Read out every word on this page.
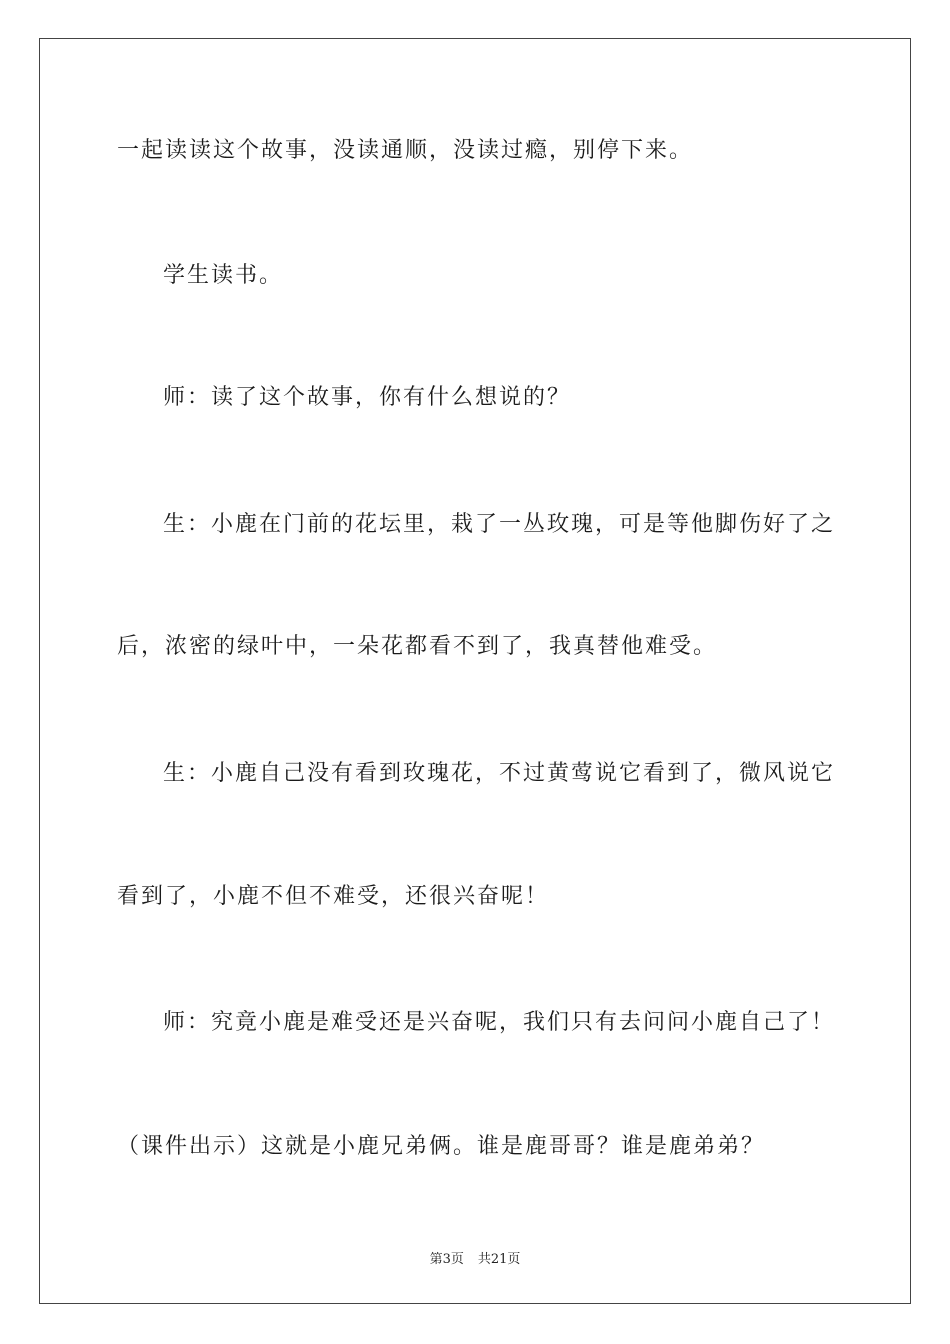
一起读读这个故事，没读通顺，没读过瘾，别停下来。
学生读书。
师：读了这个故事，你有什么想说的？
生：小鹿在门前的花坛里，栽了一丛玫瑰，可是等他脚伤好了之
后，浓密的绿叶中，一朵花都看不到了，我真替他难受。
生：小鹿自己没有看到玫瑰花，不过黄莺说它看到了，微风说它
看到了，小鹿不但不难受，还很兴奋呢！
师：究竟小鹿是难受还是兴奋呢，我们只有去问问小鹿自己了！
（课件出示）这就是小鹿兄弟俩。谁是鹿哥哥？谁是鹿弟弟？
第3页 共21页
